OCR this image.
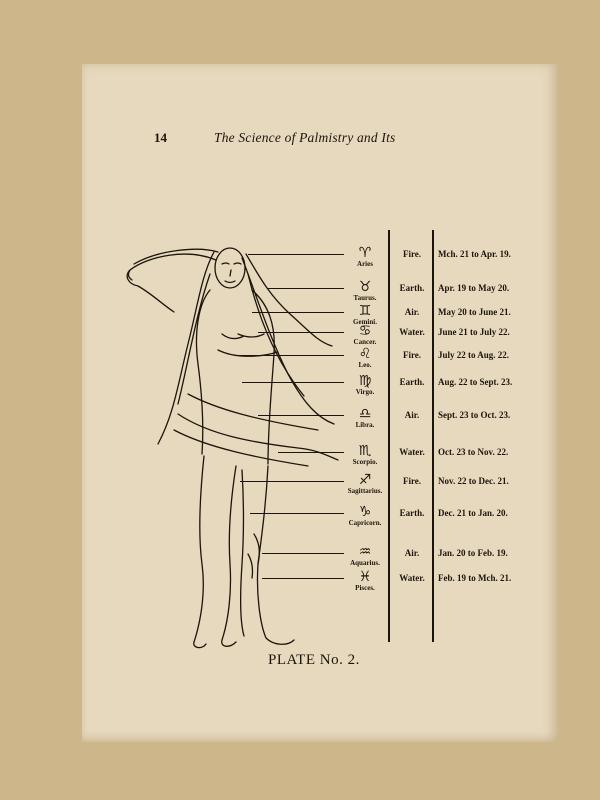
14	The Science of Palmistry and Its
♈
Aries
Fire.	Mch. 21 to Apr. 19.
♉
Taurus.
Earth.	Apr. 19 to May 20.
♊
Gemini.
Air.	May 20 to June 21.
♋
Cancer.
Water.	June 21 to July 22.
♌
Leo.
Fire.	July 22 to Aug. 22.
♍
Virgo.
Earth.	Aug. 22 to Sept. 23.
♎
Libra.
Air.	Sept. 23 to Oct. 23.
♏
Scorpio.
Water.	Oct. 23 to Nov. 22.
♐
Sagittarius.
Fire.	Nov. 22 to Dec. 21.
♑
Capricorn.
Earth.	Dec. 21 to Jan. 20.
♒
Aquarius.
Air.	Jan. 20 to Feb. 19.
♓
Pisces.
Water.	Feb. 19 to Mch. 21.
PLATE No. 2.
